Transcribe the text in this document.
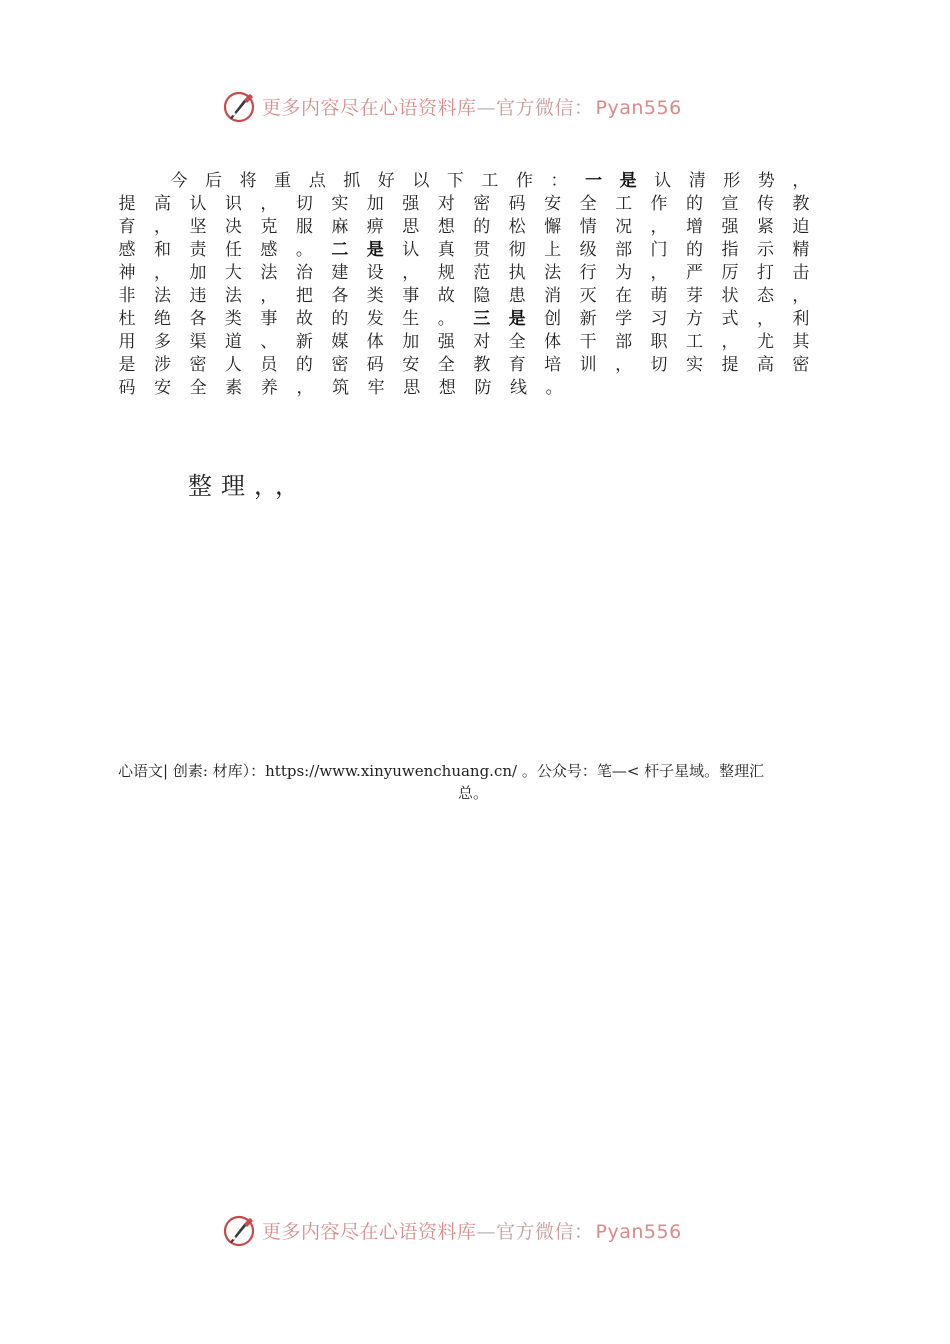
更多内容尽在心语资料库—官方微信： Pyan556
今 后 将 重 点 抓 好 以 下 工 作 ： 一 是 认 清 形 势 ，
提 高 认 识 ， 切 实 加 强 对 密 码 安 全 工 作 的 宣 传 教
育 ， 坚 决 克 服 麻 痹 思 想 的 松 懈 情 况 ， 增 强 紧 迫
感 和 责 任 感 。 二 是 认 真 贯 彻 上 级 部 门 的 指 示 精
神 ， 加 大 法 治 建 设 ， 规 范 执 法 行 为 ， 严 厉 打 击
非 法 违 法 ， 把 各 类 事 故 隐 患 消 灭 在 萌 芽 状 态 ，
杜 绝 各 类 事 故 的 发 生 。 三 是 创 新 学 习 方 式 ， 利
用 多 渠 道 、 新 媒 体 加 强 对 全 体 干 部 职 工 ， 尤 其
是 涉 密 人 员 的 密 码 安 全 教 育 培 训 ， 切 实 提 高 密
码 安 全 素 养 ， 筑 牢 思 想 防 线 。
整理，，
心语文| 创素: 材库）：https://www.xinyuwenchuang.cn/ 。公众号：笔—< 杆子星域。整理汇
总。
更多内容尽在心语资料库—官方微信： Pyan556
